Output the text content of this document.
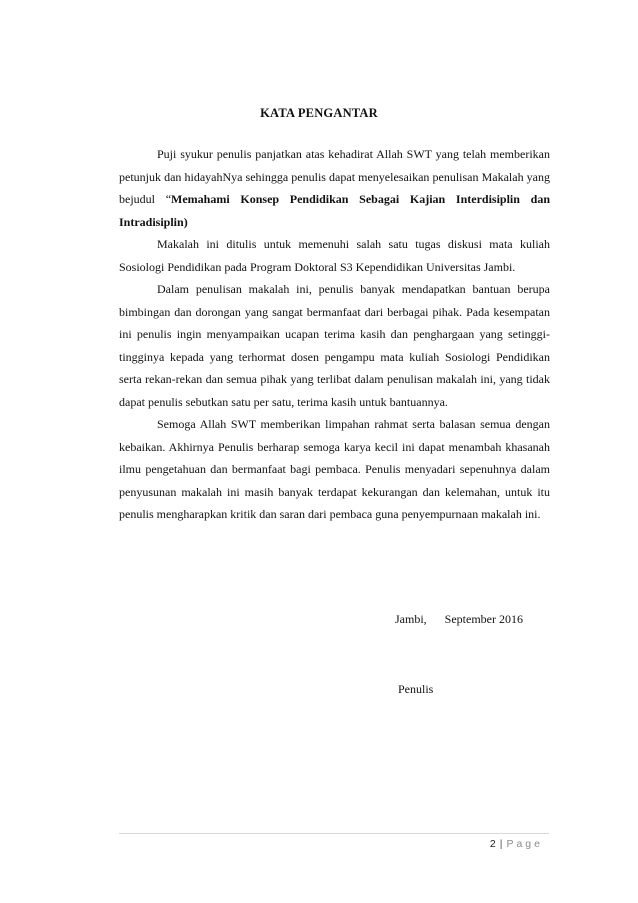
KATA PENGANTAR

Puji syukur penulis panjatkan atas kehadirat Allah SWT yang telah memberikan petunjuk dan hidayahNya sehingga penulis dapat menyelesaikan penulisan Makalah yang bejudul “Memahami Konsep Pendidikan Sebagai Kajian Interdisiplin dan Intradisiplin)

Makalah ini ditulis untuk memenuhi salah satu tugas diskusi mata kuliah Sosiologi Pendidikan pada Program Doktoral S3 Kependidikan Universitas Jambi.

Dalam penulisan makalah ini, penulis banyak mendapatkan bantuan berupa bimbingan dan dorongan yang sangat bermanfaat dari berbagai pihak. Pada kesempatan ini penulis ingin menyampaikan ucapan terima kasih dan penghargaan yang setinggi-tingginya kepada yang terhormat dosen pengampu mata kuliah Sosiologi Pendidikan serta rekan-rekan dan semua pihak yang terlibat dalam penulisan makalah ini, yang tidak dapat penulis sebutkan satu per satu, terima kasih untuk bantuannya.

Semoga Allah SWT memberikan limpahan rahmat serta balasan semua dengan kebaikan. Akhirnya Penulis berharap semoga karya kecil ini dapat menambah khasanah ilmu pengetahuan dan bermanfaat bagi pembaca. Penulis menyadari sepenuhnya dalam penyusunan makalah ini masih banyak terdapat kekurangan dan kelemahan, untuk itu penulis mengharapkan kritik dan saran dari pembaca guna penyempurnaan makalah ini.

Jambi, September 2016
Penulis
2 | Page
